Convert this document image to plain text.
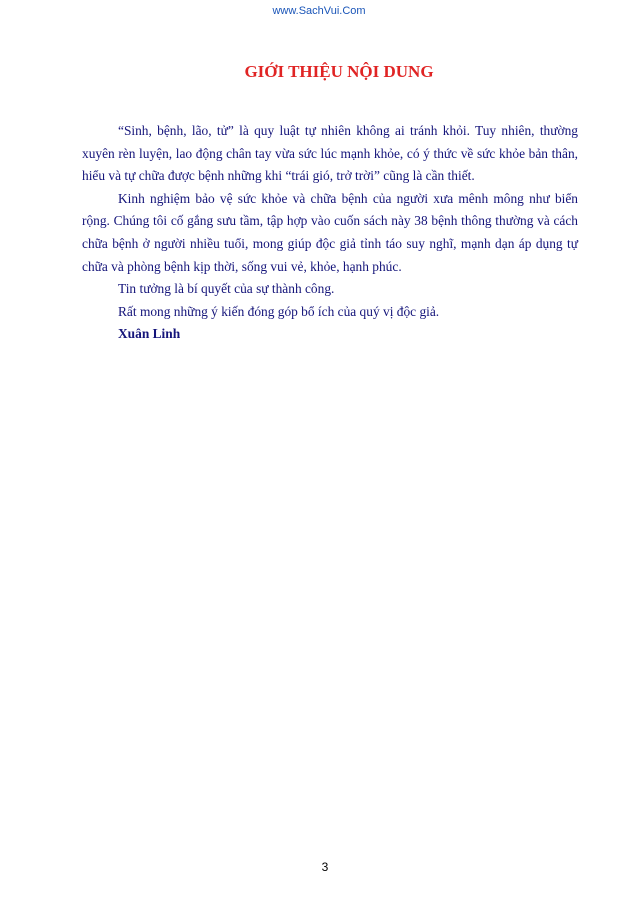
www.SachVui.Com
GIỚI THIỆU NỘI DUNG

“Sinh, bệnh, lão, tử” là quy luật tự nhiên không ai tránh khỏi. Tuy nhiên, thường xuyên rèn luyện, lao động chân tay vừa sức lúc mạnh khỏe, có ý thức về sức khỏe bản thân, hiểu và tự chữa được bệnh những khi “trái gió, trở trời” cũng là cần thiết.

Kinh nghiệm bảo vệ sức khỏe và chữa bệnh của người xưa mênh mông như biển rộng. Chúng tôi cố gắng sưu tầm, tập hợp vào cuốn sách này 38 bệnh thông thường và cách chữa bệnh ở người nhiều tuổi, mong giúp độc giả tỉnh táo suy nghĩ, mạnh dạn áp dụng tự chữa và phòng bệnh kịp thời, sống vui vẻ, khỏe, hạnh phúc.

Tin tưởng là bí quyết của sự thành công.

Rất mong những ý kiến đóng góp bổ ích của quý vị độc giả.

Xuân Linh

3
